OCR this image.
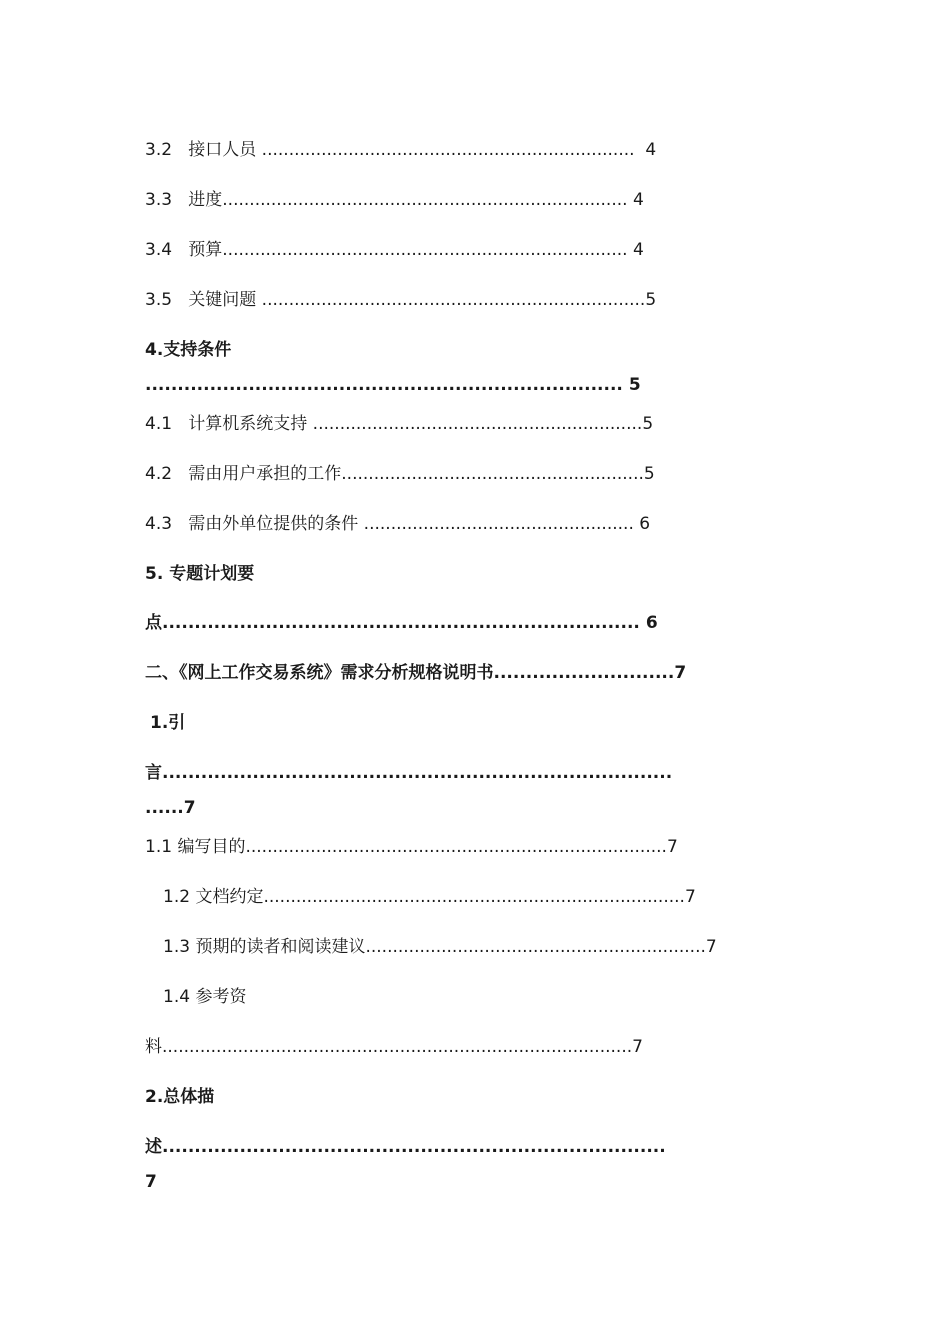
3.2 接口人员 ..................................................................... 4
3.3 进度........................................................................... 4
3.4 预算........................................................................... 4
3.5 关键问题 .......................................................................5
4.支持条件
.......................................................................... 5
4.1 计算机系统支持 .............................................................5
4.2 需由用户承担的工作........................................................5
4.3 需由外单位提供的条件 .................................................. 6
5. 专题计划要
点.......................................................................... 6
二、《网上工作交易系统》需求分析规格说明书............................7
1.引
言...............................................................................
......7
1.1 编写目的..............................................................................7
1.2 文档约定..............................................................................7
1.3 预期的读者和阅读建议...............................................................7
1.4 参考资
料.......................................................................................7
2.总体描
述..............................................................................
7
